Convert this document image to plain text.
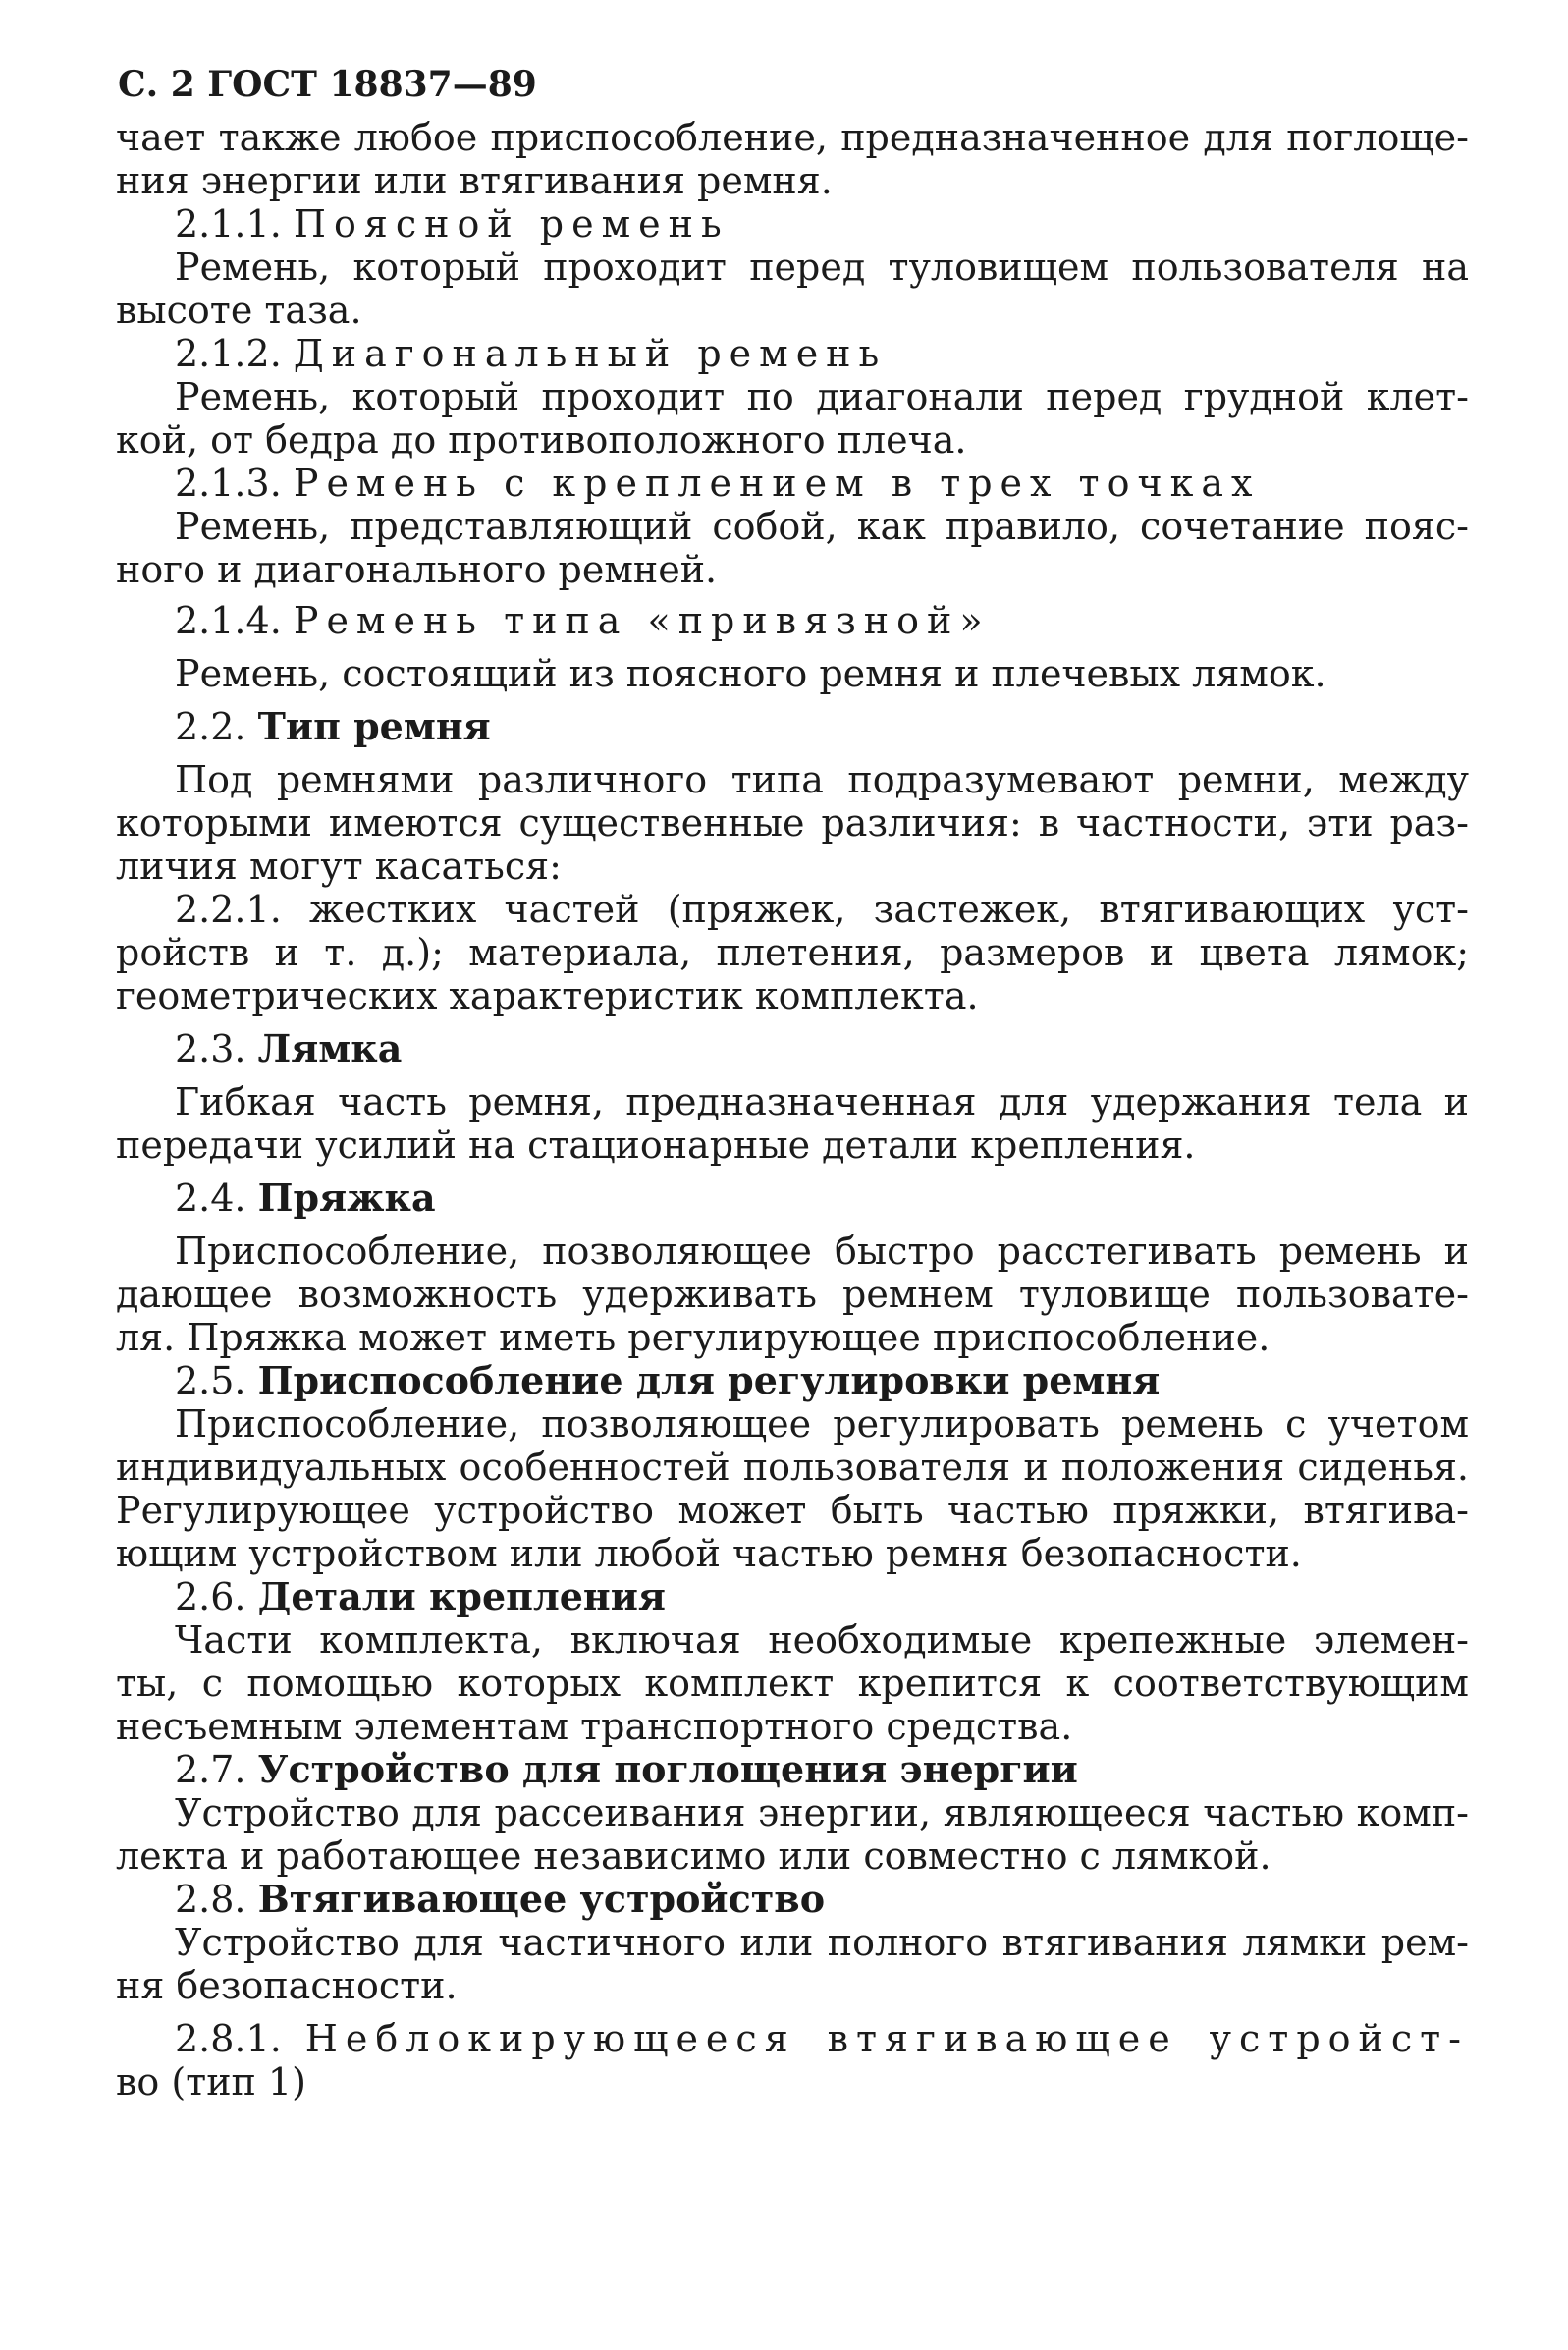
С. 2 ГОСТ 18837—89
чает также любое приспособление, предназначенное для поглоще-
ния энергии или втягивания ремня.
2.1.1. Поясной ремень
Ремень, который проходит перед туловищем пользователя на
высоте таза.
2.1.2. Диагональный ремень
Ремень, который проходит по диагонали перед грудной клет-
кой, от бедра до противоположного плеча.
2.1.3. Ремень с креплением в трех точках
Ремень, представляющий собой, как правило, сочетание пояс-
ного и диагонального ремней.
2.1.4. Ремень типа «привязной»
Ремень, состоящий из поясного ремня и плечевых лямок.
2.2. Тип ремня
Под ремнями различного типа подразумевают ремни, между
которыми имеются существенные различия: в частности, эти раз-
личия могут касаться:
2.2.1. жестких частей (пряжек, застежек, втягивающих уст-
ройств и т. д.); материала, плетения, размеров и цвета лямок;
геометрических характеристик комплекта.
2.3. Лямка
Гибкая часть ремня, предназначенная для удержания тела и
передачи усилий на стационарные детали крепления.
2.4. Пряжка
Приспособление, позволяющее быстро расстегивать ремень и
дающее возможность удерживать ремнем туловище пользовате-
ля. Пряжка может иметь регулирующее приспособление.
2.5. Приспособление для регулировки ремня
Приспособление, позволяющее регулировать ремень с учетом
индивидуальных особенностей пользователя и положения сиденья.
Регулирующее устройство может быть частью пряжки, втягива-
ющим устройством или любой частью ремня безопасности.
2.6. Детали крепления
Части комплекта, включая необходимые крепежные элемен-
ты, с помощью которых комплект крепится к соответствующим
несъемным элементам транспортного средства.
2.7. Устройство для поглощения энергии
Устройство для рассеивания энергии, являющееся частью комп-
лекта и работающее независимо или совместно с лямкой.
2.8. Втягивающее устройство
Устройство для частичного или полного втягивания лямки рем-
ня безопасности.
2.8.1. Неблокирующееся втягивающее устройст-
во (тип 1)
